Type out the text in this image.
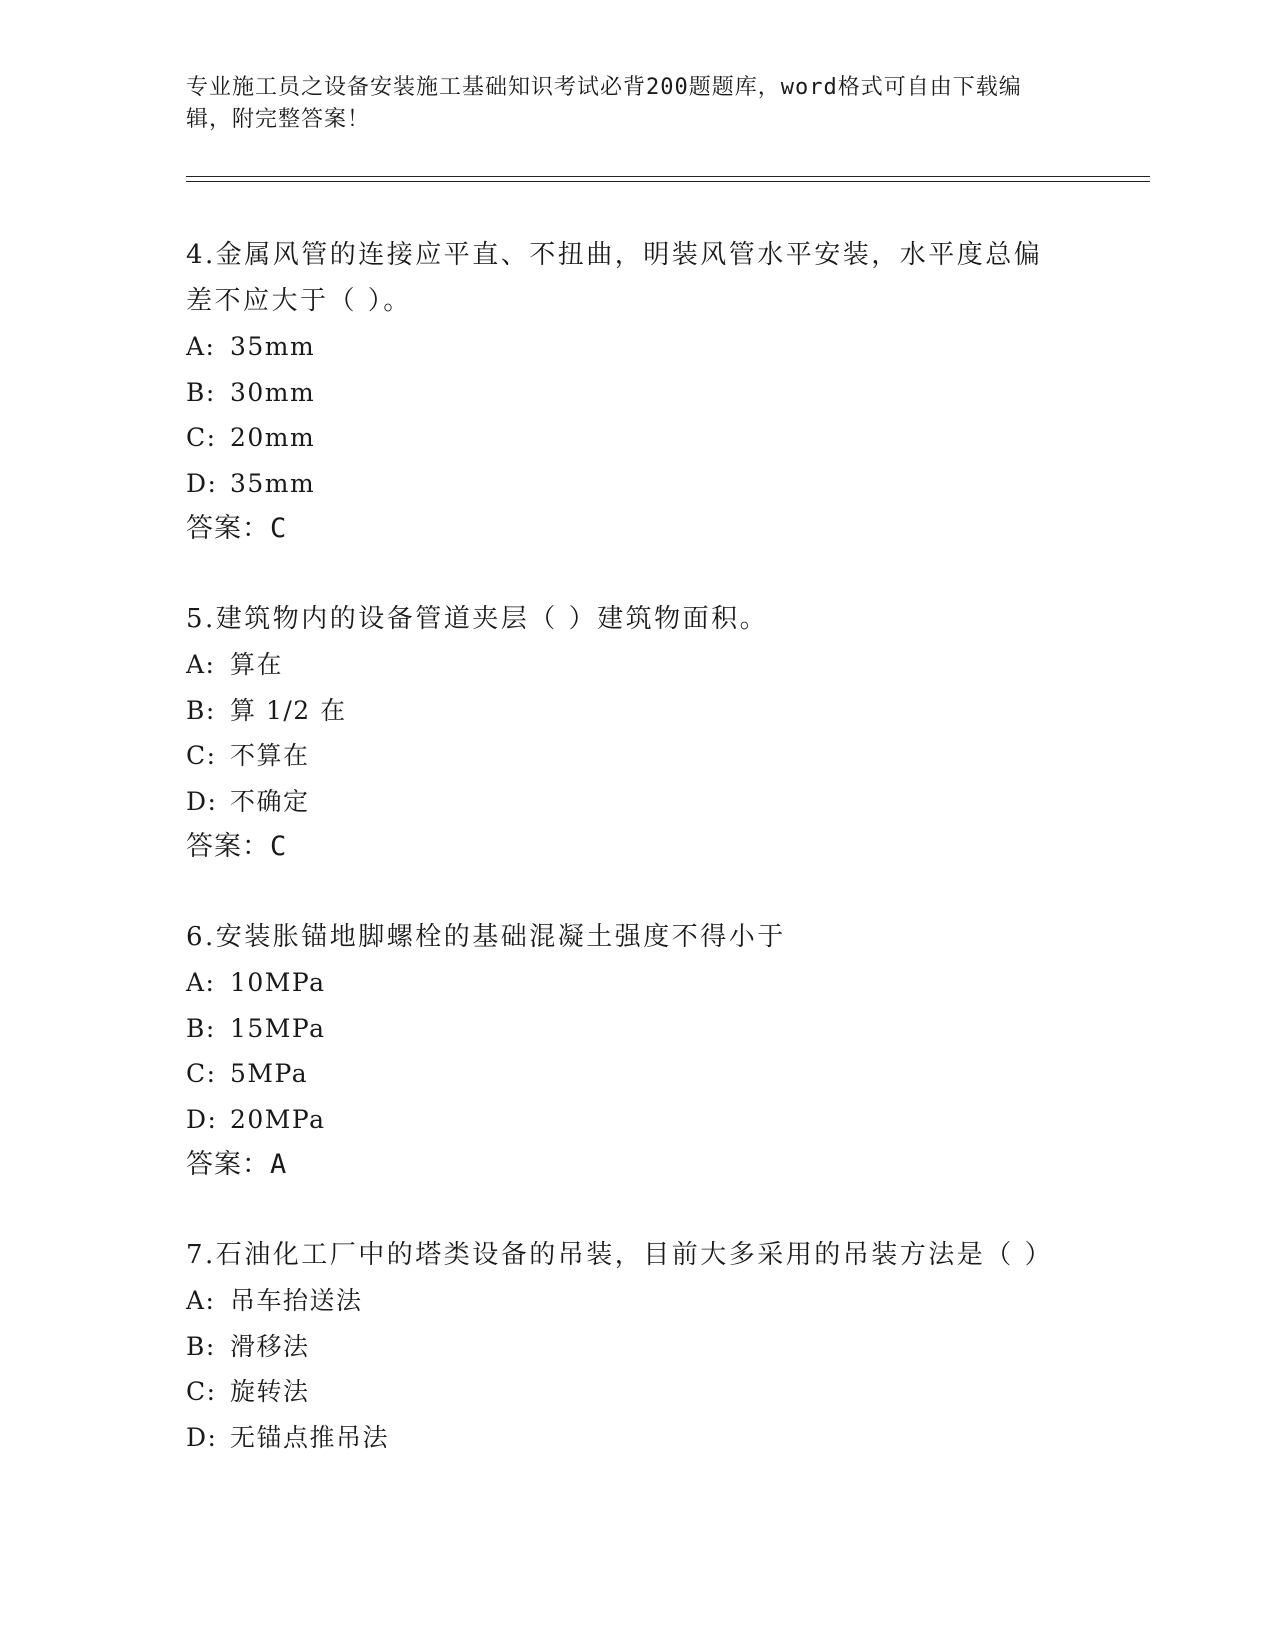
专业施工员之设备安装施工基础知识考试必背200题题库，word格式可自由下载编辑，附完整答案！

4.金属风管的连接应平直、不扭曲，明装风管水平安装，水平度总偏差不应大于（ ）。

A: 35mm

B: 30mm

C: 20mm

D: 35mm

答案：C

5.建筑物内的设备管道夹层（ ）建筑物面积。

A: 算在

B: 算 1/2 在

C: 不算在

D: 不确定

答案：C

6.安装胀锚地脚螺栓的基础混凝土强度不得小于

A: 10MPa

B: 15MPa

C: 5MPa

D: 20MPa

答案：A

7.石油化工厂中的塔类设备的吊装，目前大多采用的吊装方法是（ ）

A: 吊车抬送法

B: 滑移法

C: 旋转法

D: 无锚点推吊法
